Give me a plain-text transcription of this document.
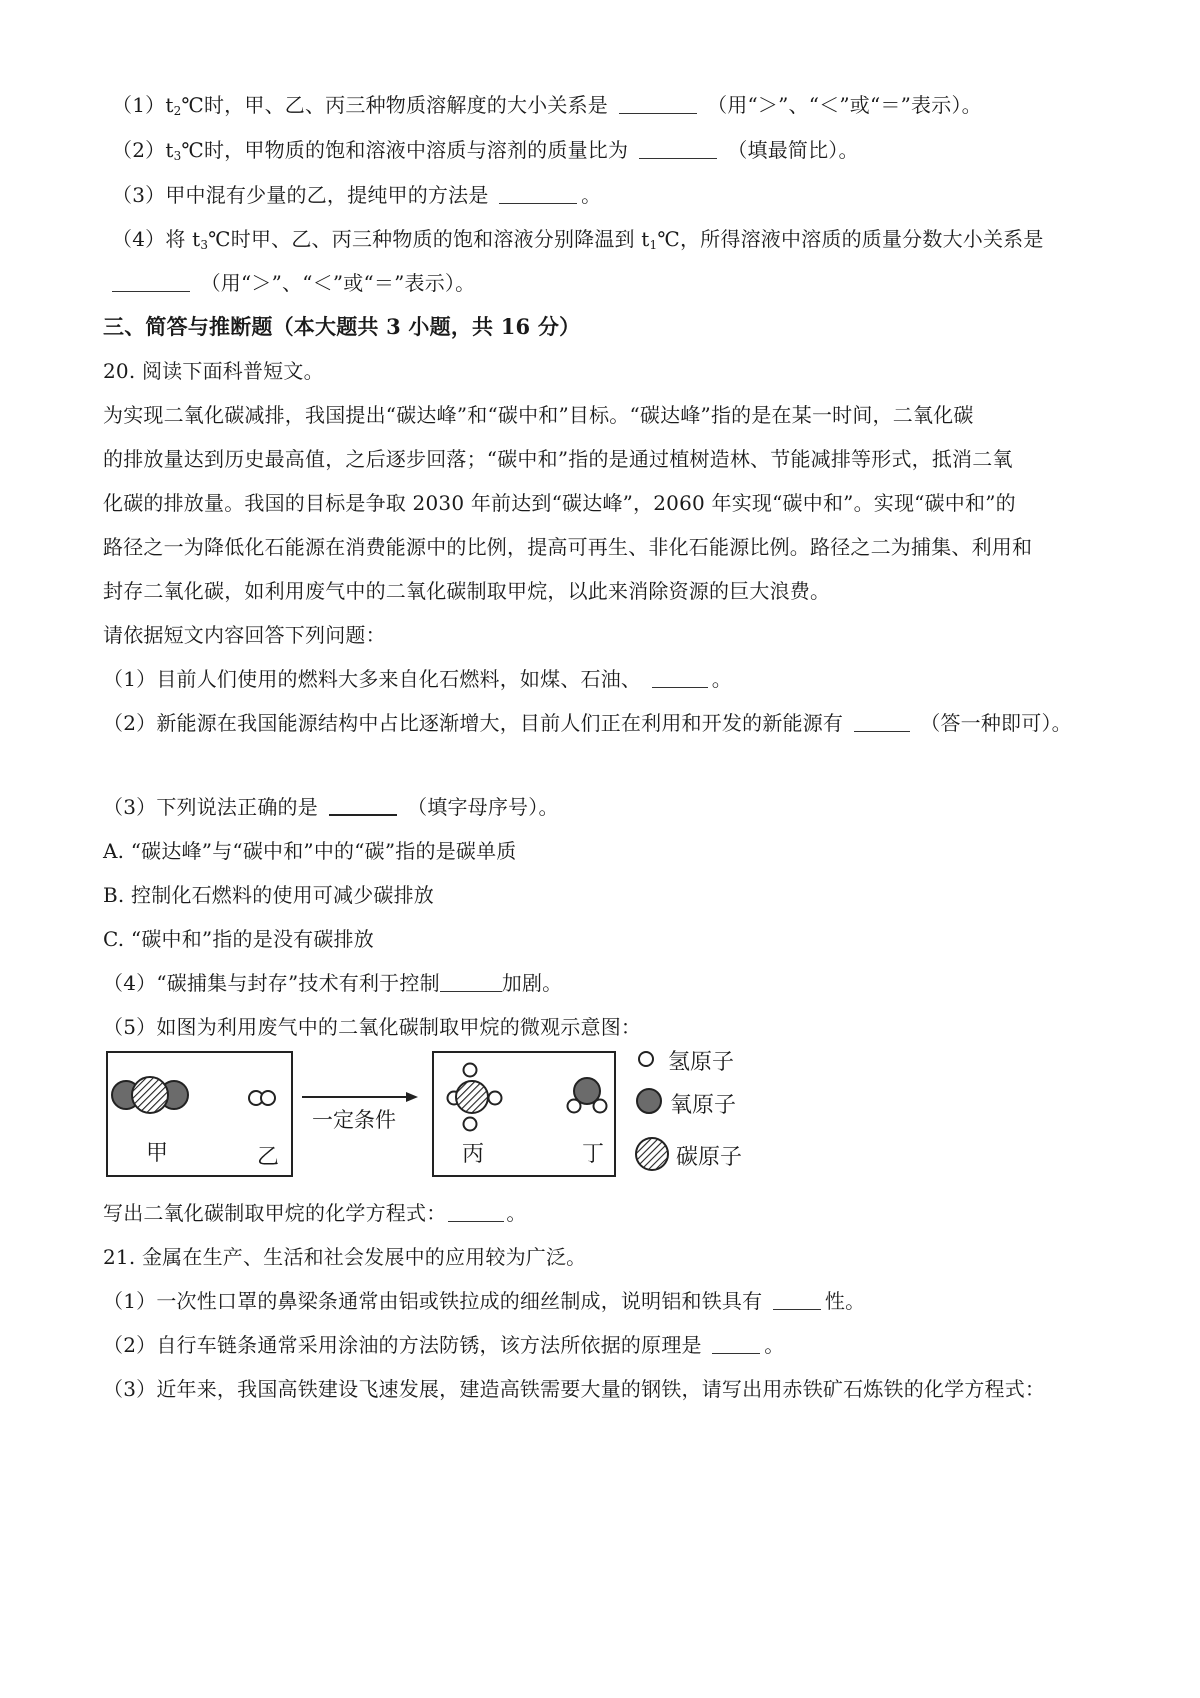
$(1)t_2℃$时，甲、乙、丙三种物质溶解度的大小关系是	（用“＞”、“＜”或“＝”表示）。
$(2)t_3℃$时，甲物质的饱和溶液中溶质与溶剂的质量比为	（填最简比）。
（3）甲中混有少量的乙，提纯甲的方法是	。
（4）将 $t_3℃$时甲、乙、丙三种物质的饱和溶液分别降温到 $t_1℃$，所得溶液中溶质的质量分数大小关系是
（用“＞”、“＜”或“＝”表示）。
三、简答与推断题（本大题共 3 小题，共 16 分）
20. 阅读下面科普短文。
为实现二氧化碳减排，我国提出“碳达峰”和“碳中和”目标。“碳达峰”指的是在某一时间，二氧化碳
的排放量达到历史最高值，之后逐步回落；“碳中和”指的是通过植树造林、节能减排等形式，抵消二氧
化碳的排放量。我国的目标是争取 2030 年前达到“碳达峰”，2060 年实现“碳中和”。实现“碳中和”的
路径之一为降低化石能源在消费能源中的比例，提高可再生、非化石能源比例。路径之二为捕集、利用和
封存二氧化碳，如利用废气中的二氧化碳制取甲烷，以此来消除资源的巨大浪费。
请依据短文内容回答下列问题：
（1）目前人们使用的燃料大多来自化石燃料，如煤、石油、	。
（2）新能源在我国能源结构中占比逐渐增大，目前人们正在利用和开发的新能源有	（答一种即可）。
（3）下列说法正确的是	（填字母序号）。
A. “碳达峰”与“碳中和”中的“碳”指的是碳单质
B. 控制化石燃料的使用可减少碳排放
C. “碳中和”指的是没有碳排放
（4）“碳捕集与封存”技术有利于控制	加剧。
（5）如图为利用废气中的二氧化碳制取甲烷的微观示意图：
甲	乙	丙	丁
一定条件
氢原子
氧原子
碳原子
写出二氧化碳制取甲烷的化学方程式：	。
21. 金属在生产、生活和社会发展中的应用较为广泛。
（1）一次性口罩的鼻梁条通常由铝或铁拉成的细丝制成，说明铝和铁具有	性。
（2）自行车链条通常采用涂油的方法防锈，该方法所依据的原理是	。
（3）近年来，我国高铁建设飞速发展，建造高铁需要大量的钢铁，请写出用赤铁矿石炼铁的化学方程式：
